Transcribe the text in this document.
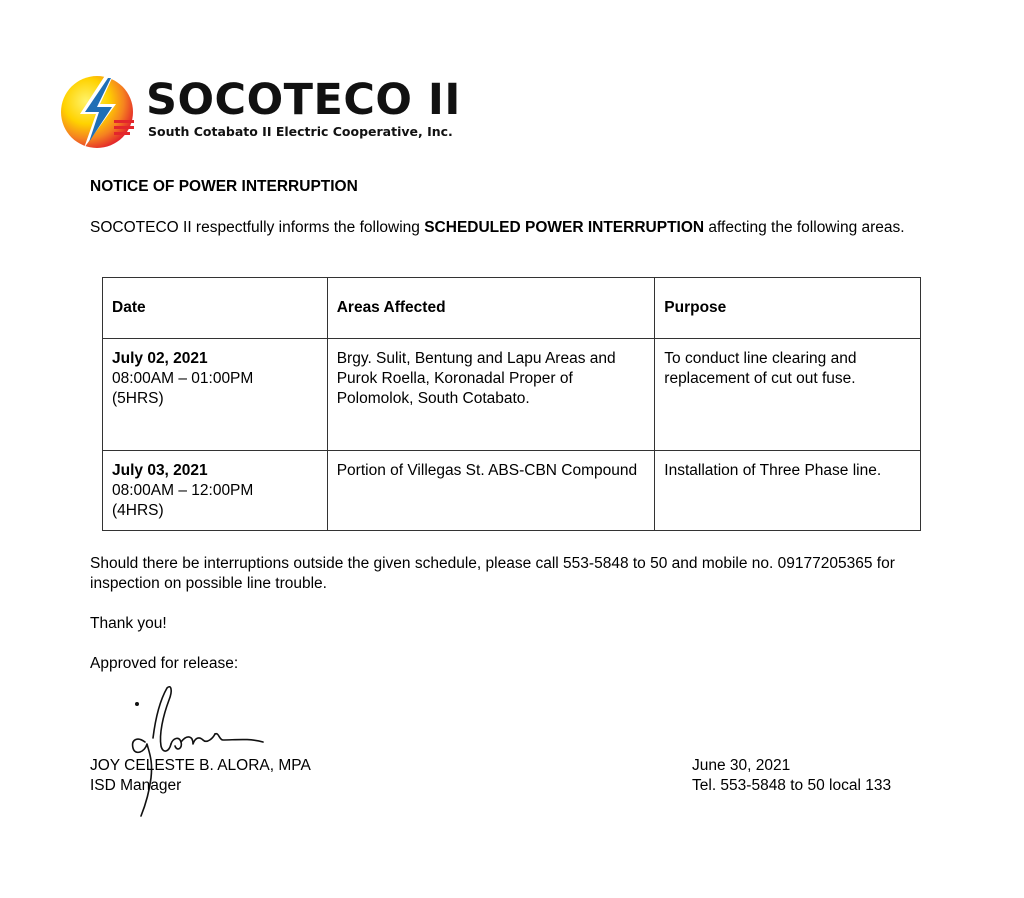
SOCOTECO II
South Cotabato II Electric Cooperative, Inc.
NOTICE OF POWER INTERRUPTION
SOCOTECO II respectfully informs the following SCHEDULED POWER INTERRUPTION affecting the following areas.
Date	Areas Affected	Purpose

July 02, 2021
08:00AM – 01:00PM
(5HRS)	Brgy. Sulit, Bentung and Lapu Areas and Purok Roella, Koronadal Proper of Polomolok, South Cotabato.	To conduct line clearing and replacement of cut out fuse.

July 03, 2021
08:00AM – 12:00PM
(4HRS)	Portion of Villegas St. ABS-CBN Compound	Installation of Three Phase line.
Should there be interruptions outside the given schedule, please call 553-5848 to 50 and mobile no. 09177205365 for inspection on possible line trouble.
Thank you!
Approved for release:
JOY CELESTE B. ALORA, MPA
ISD Manager
June 30, 2021
Tel. 553-5848 to 50 local 133
